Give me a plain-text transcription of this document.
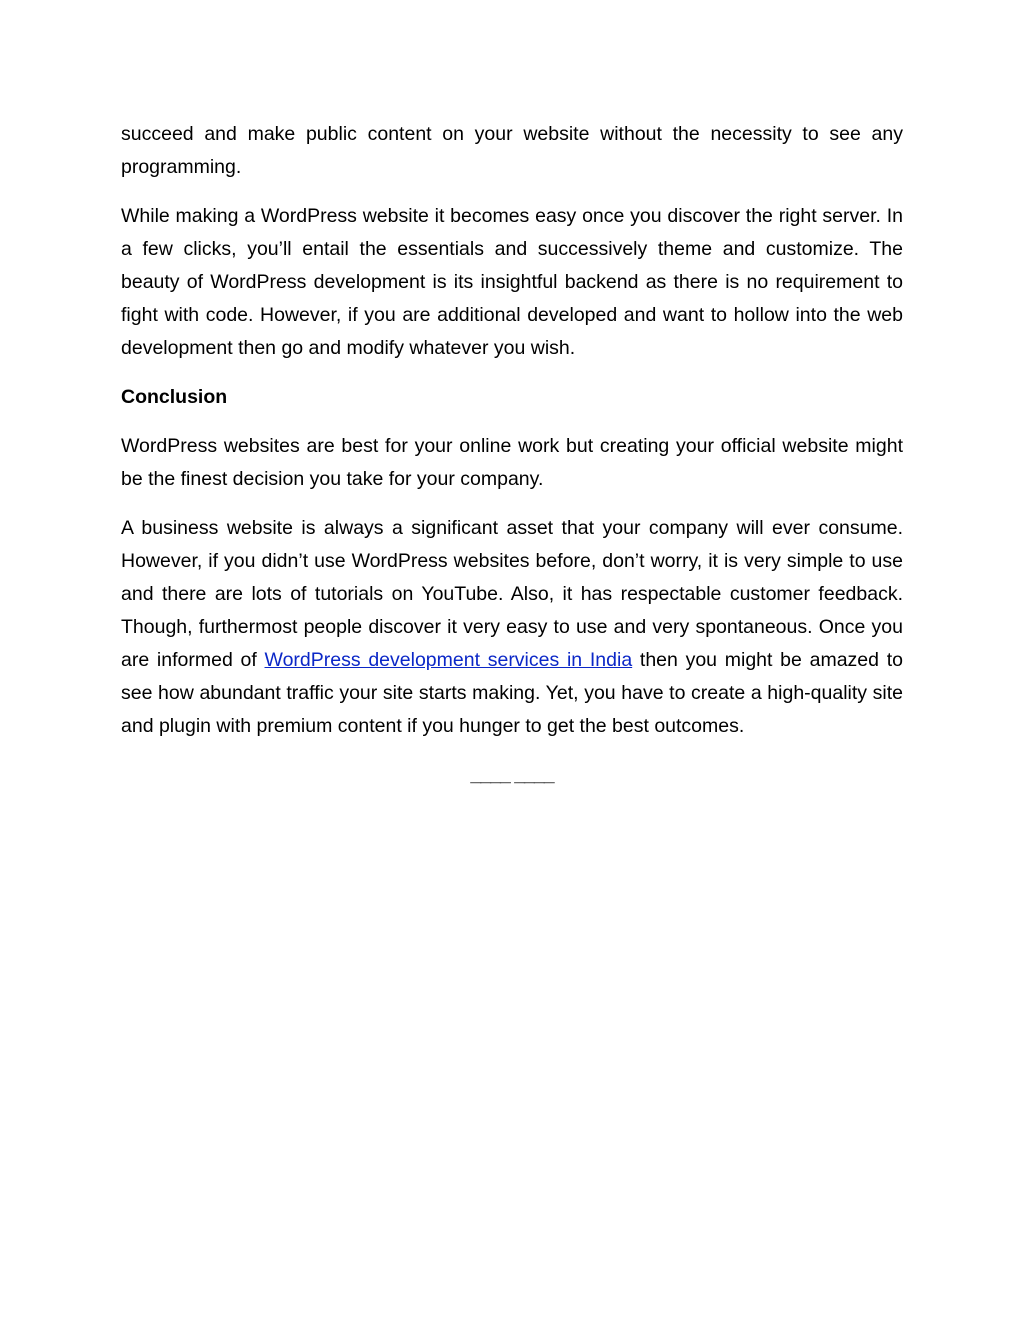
succeed and make public content on your website without the necessity to see any programming.

While making a WordPress website it becomes easy once you discover the right server. In a few clicks, you’ll entail the essentials and successively theme and customize. The beauty of WordPress development is its insightful backend as there is no requirement to fight with code. However, if you are additional developed and want to hollow into the web development then go and modify whatever you wish.

Conclusion

WordPress websites are best for your online work but creating your official website might be the finest decision you take for your company.

A business website is always a significant asset that your company will ever consume. However, if you didn’t use WordPress websites before, don’t worry, it is very simple to use and there are lots of tutorials on YouTube. Also, it has respectable customer feedback. Though, furthermost people discover it very easy to use and very spontaneous. Once you are informed of WordPress development services in India then you might be amazed to see how abundant traffic your site starts making. Yet, you have to create a high-quality site and plugin with premium content if you hunger to get the best outcomes.

____ ____
